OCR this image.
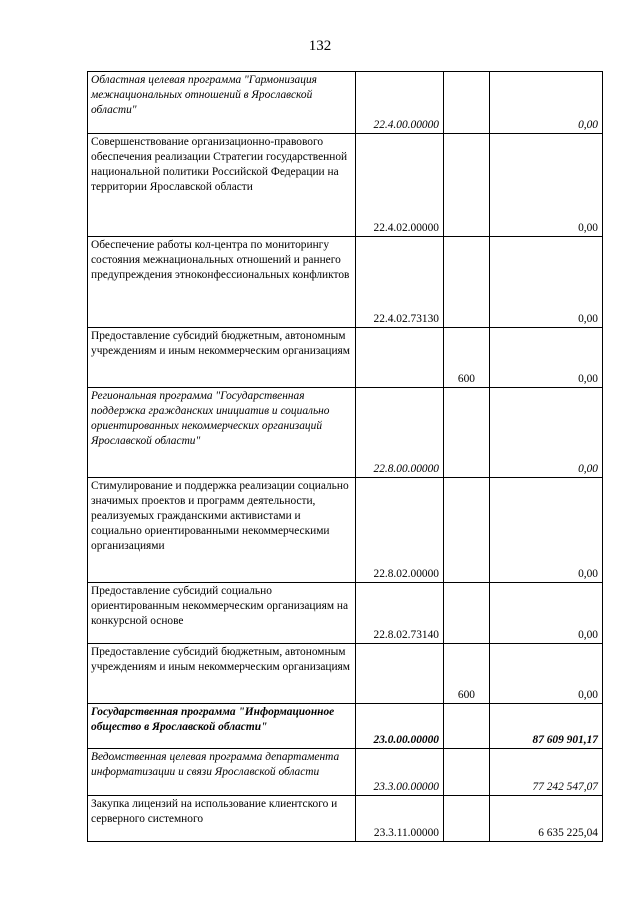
132
Областная целевая программа "Гармонизация межнациональных отношений в Ярославской области"	22.4.00.00000		0,00
Совершенствование организационно-правового обеспечения реализации Стратегии государственной национальной политики Российской Федерации на территории Ярославской области	22.4.02.00000		0,00
Обеспечение работы кол-центра по мониторингу состояния межнациональных отношений и раннего предупреждения этноконфессиональных конфликтов	22.4.02.73130		0,00
Предоставление субсидий бюджетным, автономным учреждениям и иным некоммерческим организациям		600	0,00
Региональная программа "Государственная поддержка гражданских инициатив и социально ориентированных некоммерческих организаций Ярославской области"	22.8.00.00000		0,00
Стимулирование и поддержка реализации социально значимых проектов и программ деятельности, реализуемых гражданскими активистами и социально ориентированными некоммерческими организациями	22.8.02.00000		0,00
Предоставление субсидий социально ориентированным некоммерческим организациям на конкурсной основе	22.8.02.73140		0,00
Предоставление субсидий бюджетным, автономным учреждениям и иным некоммерческим организациям		600	0,00
Государственная программа "Информационное общество в Ярославской области"	23.0.00.00000		87 609 901,17
Ведомственная целевая программа департамента информатизации и связи Ярославской области	23.3.00.00000		77 242 547,07
Закупка лицензий на использование клиентского и серверного системного	23.3.11.00000		6 635 225,04
